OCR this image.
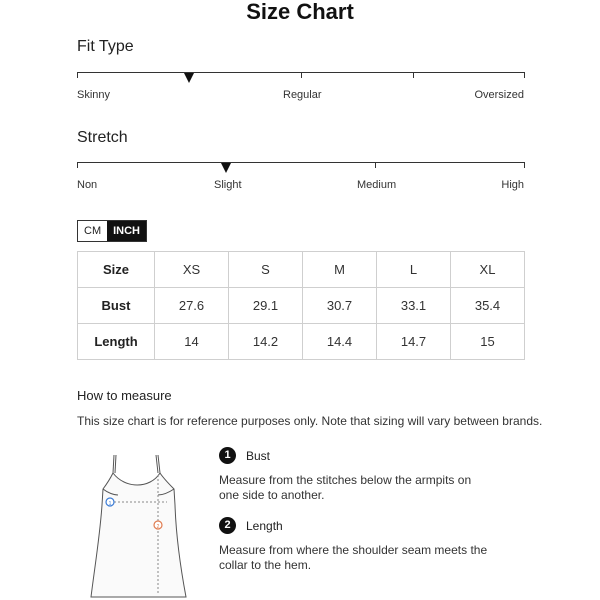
Size Chart
Fit Type
Skinny	Regular	Oversized
Stretch
Non	Slight	Medium	High
CM	INCH
Size	XS	S	M	L	XL
Bust	27.6	29.1	30.7	33.1	35.4
Length	14	14.2	14.4	14.7	15
How to measure
This size chart is for reference purposes only. Note that sizing will vary between brands.
1
2
1	Bust
Measure from the stitches below the armpits on one side to another.
2	Length
Measure from where the shoulder seam meets the collar to the hem.
